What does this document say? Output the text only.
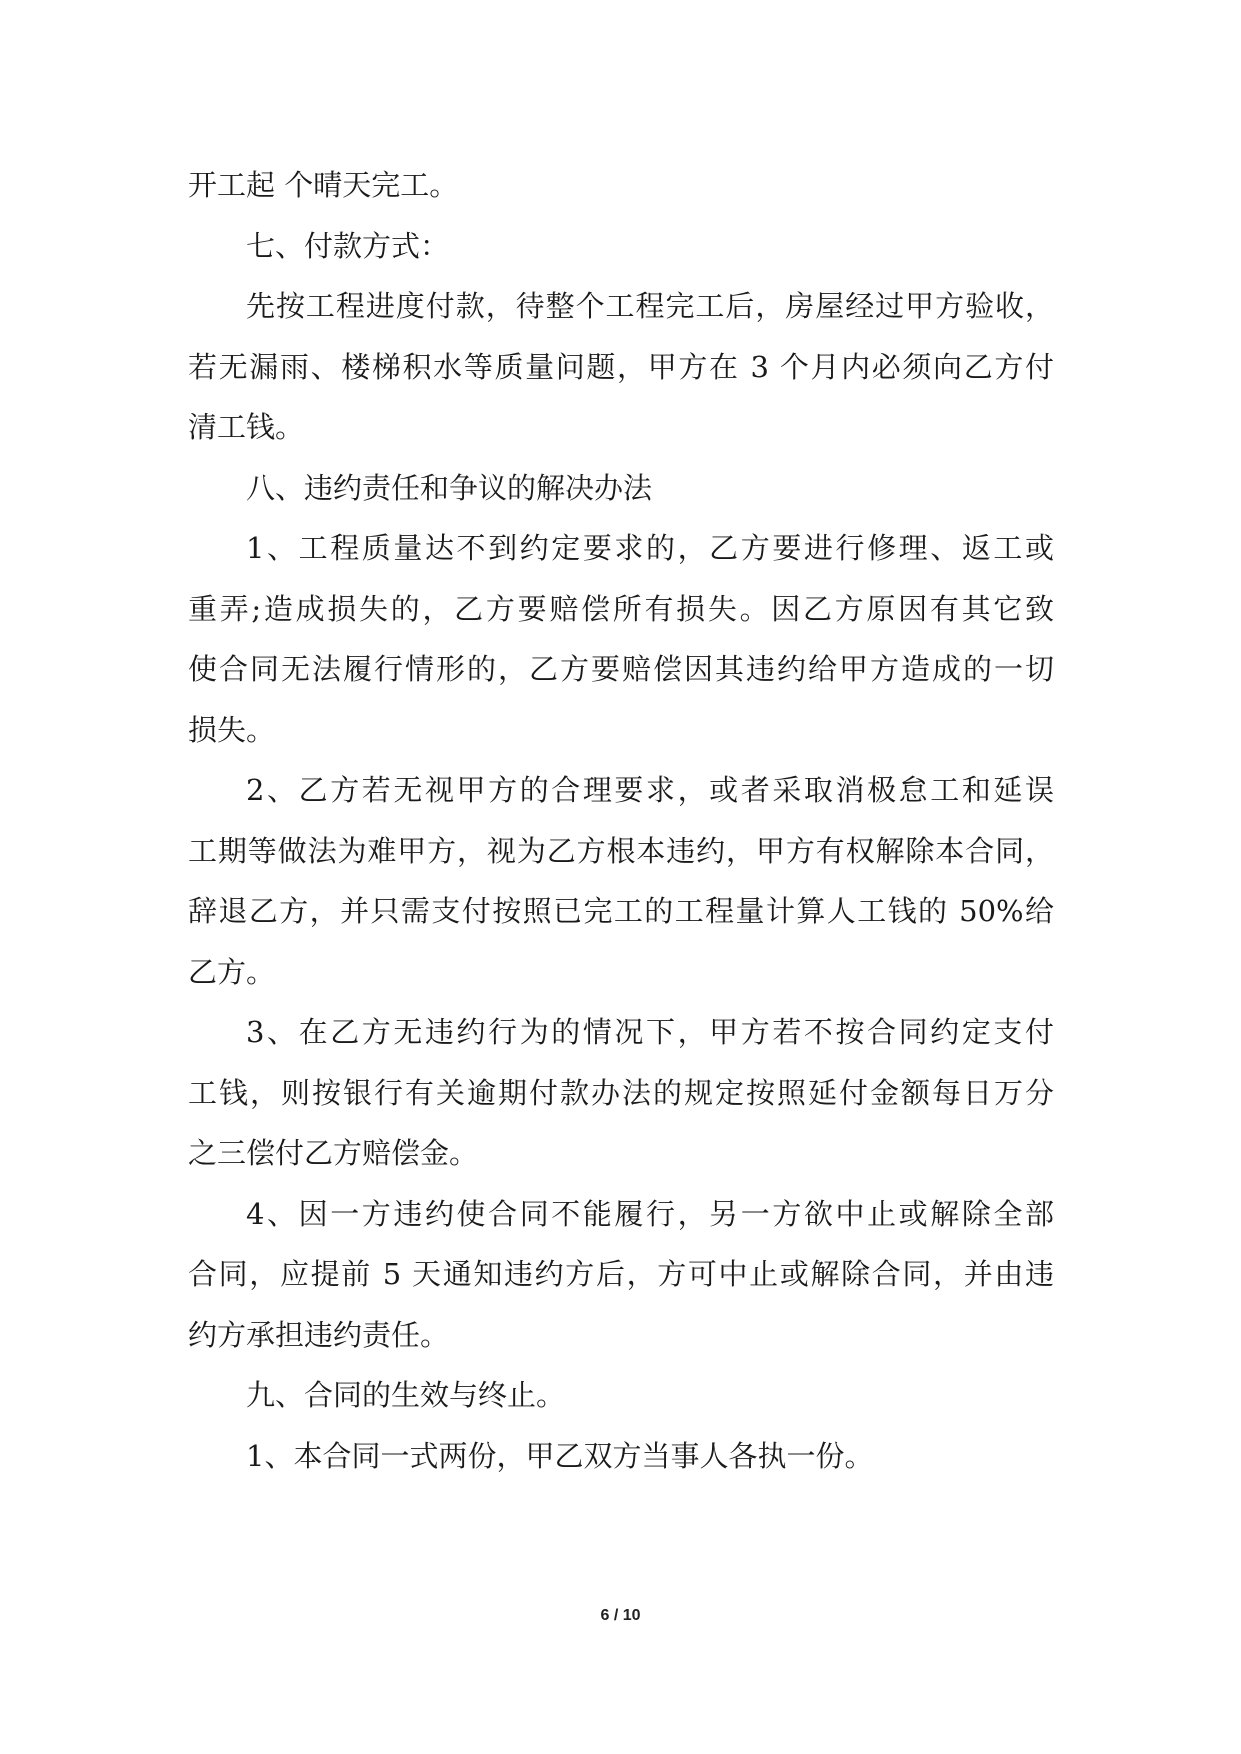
开工起 个晴天完工。
七、付款方式：
先按工程进度付款，待整个工程完工后，房屋经过甲方验收，
若无漏雨、楼梯积水等质量问题，甲方在 3 个月内必须向乙方付
清工钱。
八、违约责任和争议的解决办法
1、工程质量达不到约定要求的，乙方要进行修理、返工或
重弄;造成损失的，乙方要赔偿所有损失。因乙方原因有其它致
使合同无法履行情形的，乙方要赔偿因其违约给甲方造成的一切
损失。
2、乙方若无视甲方的合理要求，或者采取消极怠工和延误
工期等做法为难甲方，视为乙方根本违约，甲方有权解除本合同，
辞退乙方，并只需支付按照已完工的工程量计算人工钱的 50%给
乙方。
3、在乙方无违约行为的情况下，甲方若不按合同约定支付
工钱，则按银行有关逾期付款办法的规定按照延付金额每日万分
之三偿付乙方赔偿金。
4、因一方违约使合同不能履行，另一方欲中止或解除全部
合同，应提前 5 天通知违约方后，方可中止或解除合同，并由违
约方承担违约责任。
九、合同的生效与终止。
1、本合同一式两份，甲乙双方当事人各执一份。
6 / 10
